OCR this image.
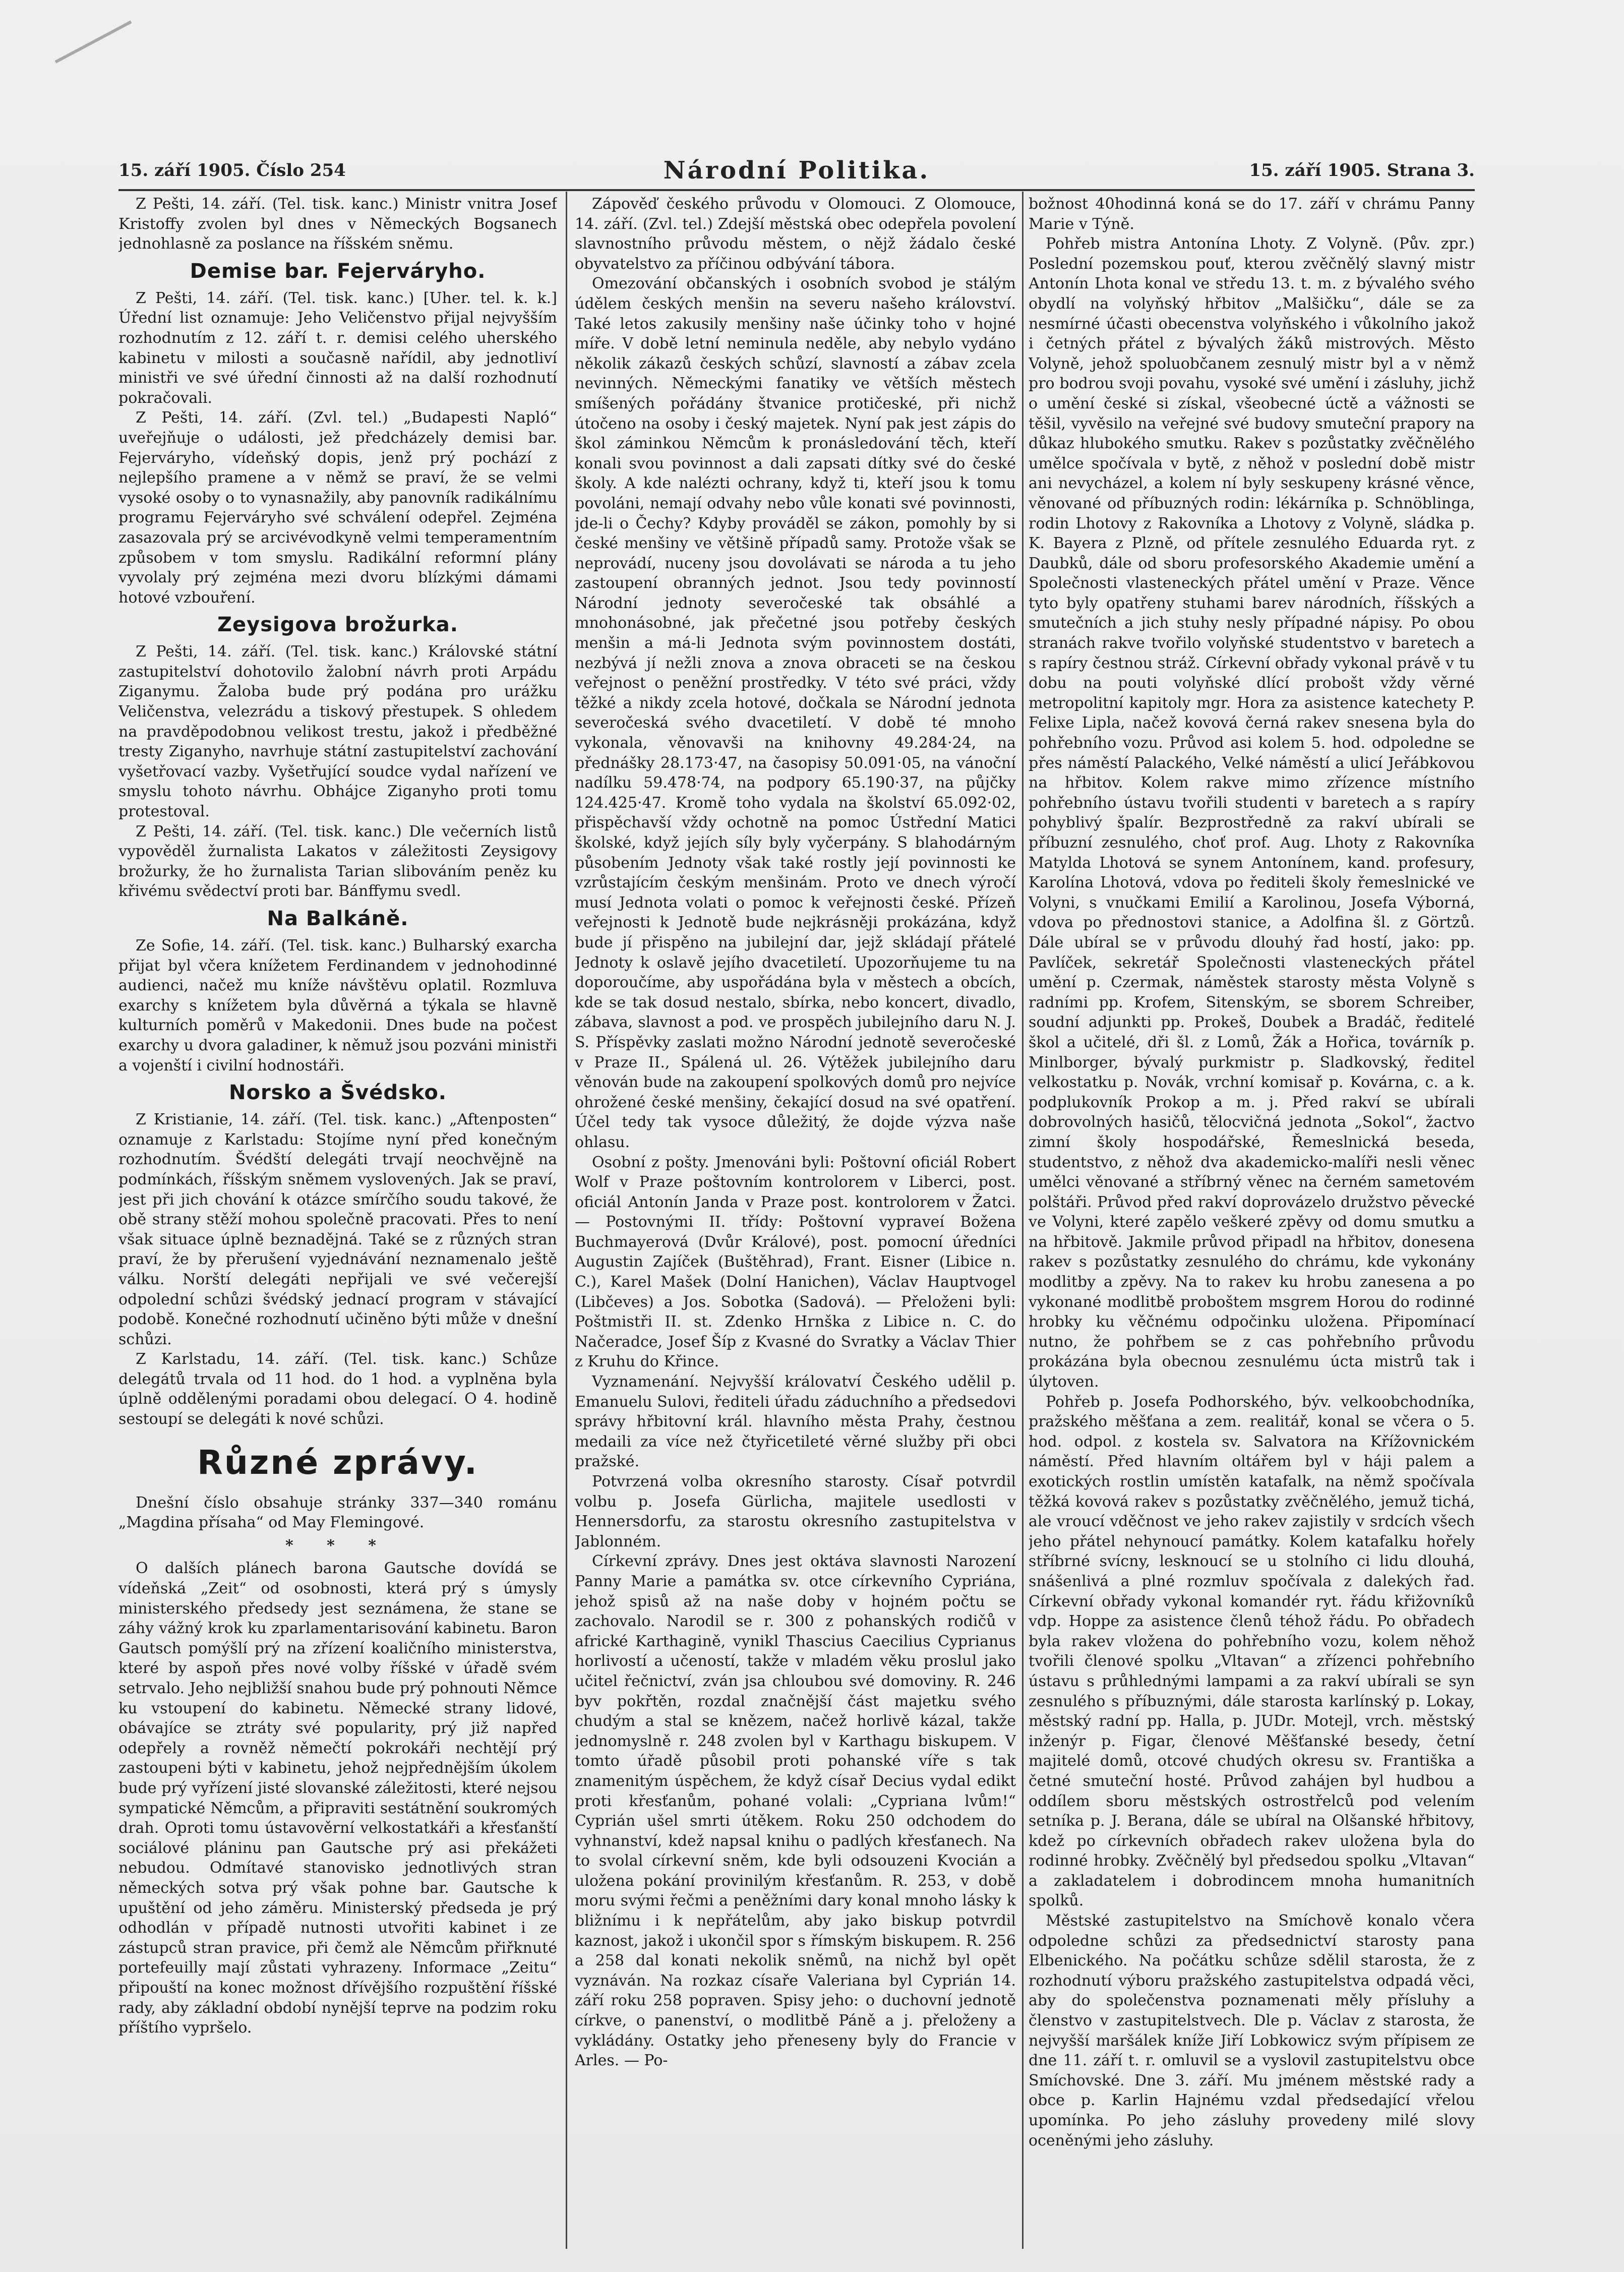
15. září 1905. Číslo 254	Národní Politika.	15. září 1905. Strana 3.

Z Pešti, 14. září. (Tel. tisk. kanc.) Ministr vnitra Josef Kristoffy zvolen byl dnes v Německých Bogsanech jednohlasně za poslance na říšském sněmu.

Demise bar. Fejerváryho.

Z Pešti, 14. září. (Tel. tisk. kanc.) [Uher. tel. k. k.] Úřední list oznamuje: Jeho Veličenstvo přijal nejvyšším rozhodnutím z 12. září t. r. demisi celého uherského kabinetu v milosti a současně nařídil, aby jednotliví ministři ve své úřední činnosti až na další rozhodnutí pokračovali.

Z Pešti, 14. září. (Zvl. tel.) „Budapesti Napló“ uveřejňuje o události, jež předcházely demisi bar. Fejerváryho, vídeňský dopis, jenž prý pochází z nejlepšího pramene a v němž se praví, že se velmi vysoké osoby o to vynasnažily, aby panovník radikálnímu programu Fejerváryho své schválení odepřel. Zejména zasazovala prý se arcivévodkyně velmi temperamentním způsobem v tom smyslu. Radikální reformní plány vyvolaly prý zejména mezi dvoru blízkými dámami hotové vzbouření.

Zeysigova brožurka.

Z Pešti, 14. září. (Tel. tisk. kanc.) Královské státní zastupitelství dohotovilo žalobní návrh proti Arpádu Ziganymu. Žaloba bude prý podána pro urážku Veličenstva, velezrádu a tiskový přestupek. S ohledem na pravděpodobnou velikost trestu, jakož i předběžné tresty Ziganyho, navrhuje státní zastupitelství zachování vyšetřovací vazby. Vyšetřující soudce vydal nařízení ve smyslu tohoto návrhu. Obhájce Ziganyho proti tomu protestoval.

Z Pešti, 14. září. (Tel. tisk. kanc.) Dle večerních listů vypověděl žurnalista Lakatos v záležitosti Zeysigovy brožurky, že ho žurnalista Tarian slibováním peněz ku křivému svědectví proti bar. Bánffymu svedl.

Na Balkáně.

Ze Sofie, 14. září. (Tel. tisk. kanc.) Bulharský exarcha přijat byl včera knížetem Ferdinandem v jednohodinné audienci, načež mu kníže návštěvu oplatil. Rozmluva exarchy s knížetem byla důvěrná a týkala se hlavně kulturních poměrů v Makedonii. Dnes bude na počest exarchy u dvora galadiner, k němuž jsou pozváni ministři a vojenští i civilní hodnostáři.

Norsko a Švédsko.

Z Kristianie, 14. září. (Tel. tisk. kanc.) „Aftenposten“ oznamuje z Karlstadu: Stojíme nyní před konečným rozhodnutím. Švédští delegáti trvají neochvějně na podmínkách, říšským sněmem vyslovených. Jak se praví, jest při jich chování k otázce smírčího soudu takové, že obě strany stěží mohou společně pracovati. Přes to není však situace úplně beznadějná. Také se z různých stran praví, že by přerušení vyjednávání neznamenalo ještě válku. Norští delegáti nepřijali ve své večerejší odpolední schůzi švédský jednací program v stávající podobě. Konečné rozhodnutí učiněno býti může v dnešní schůzi.

Z Karlstadu, 14. září. (Tel. tisk. kanc.) Schůze delegátů trvala od 11 hod. do 1 hod. a vyplněna byla úplně oddělenými poradami obou delegací. O 4. hodině sestoupí se delegáti k nové schůzi.

Různé zprávy.

Dnešní číslo obsahuje stránky 337—340 románu „Magdina přísaha“ od May Flemingové.

* * *

O dalších plánech barona Gautsche dovídá se vídeňská „Zeit“ od osobnosti, která prý s úmysly ministerského předsedy jest seznámena, že stane se záhy vážný krok ku zparlamentarisování kabinetu. Baron Gautsch pomýšlí prý na zřízení koaličního ministerstva, které by aspoň přes nové volby říšské v úřadě svém setrvalo. Jeho nejbližší snahou bude prý pohnouti Němce ku vstoupení do kabinetu. Německé strany lidové, obávajíce se ztráty své popularity, prý již napřed odepřely a rovněž němečtí pokrokáři nechtějí prý zastoupeni býti v kabinetu, jehož nejpřednějším úkolem bude prý vyřízení jisté slovanské záležitosti, které nejsou sympatické Němcům, a připraviti sestátnění soukromých drah. Oproti tomu ústavověrní velkostatkáři a křesťanští sociálové pláninu pan Gautsche prý asi překážeti nebudou. Odmítavé stanovisko jednotlivých stran německých sotva prý však pohne bar. Gautsche k upuštění od jeho záměru. Ministerský předseda je prý odhodlán v případě nutnosti utvořiti kabinet i ze zástupců stran pravice, při čemž ale Němcům přiřknuté portefeuilly mají zůstati vyhrazeny. Informace „Zeitu“ připouští na konec možnost dřívějšího rozpuštění říšské rady, aby základní období nynější teprve na podzim roku příštího vypršelo.

Zápověď českého průvodu v Olomouci. Z Olomouce, 14. září. (Zvl. tel.) Zdejší městská obec odepřela povolení slavnostního průvodu městem, o nějž žádalo české obyvatelstvo za příčinou odbývání tábora.

Omezování občanských i osobních svobod je stálým údělem českých menšin na severu našeho království. Také letos zakusily menšiny naše účinky toho v hojné míře. V době letní neminula neděle, aby nebylo vydáno několik zákazů českých schůzí, slavností a zábav zcela nevinných. Německými fanatiky ve větších městech smíšených pořádány štvanice protičeské, při nichž útočeno na osoby i český majetek. Nyní pak jest zápis do škol záminkou Němcům k pronásledování těch, kteří konali svou povinnost a dali zapsati dítky své do české školy. A kde nalézti ochrany, když ti, kteří jsou k tomu povoláni, nemají odvahy nebo vůle konati své povinnosti, jde-li o Čechy? Kdyby prováděl se zákon, pomohly by si české menšiny ve většině případů samy. Protože však se neprovádí, nuceny jsou dovolávati se národa a tu jeho zastoupení obranných jednot. Jsou tedy povinností Národní jednoty severočeské tak obsáhlé a mnohonásobné, jak přečetné jsou potřeby českých menšin a má-li Jednota svým povinnostem dostáti, nezbývá jí nežli znova a znova obraceti se na českou veřejnost o peněžní prostředky. V této své práci, vždy těžké a nikdy zcela hotové, dočkala se Národní jednota severočeská svého dvacetiletí. V době té mnoho vykonala, věnovavši na knihovny 49.284·24, na přednášky 28.173·47, na časopisy 50.091·05, na vánoční nadílku 59.478·74, na podpory 65.190·37, na půjčky 124.425·47. Kromě toho vydala na školství 65.092·02, přispěchavší vždy ochotně na pomoc Ústřední Matici školské, když jejích síly byly vyčerpány. S blahodárným působením Jednoty však také rostly její povinnosti ke vzrůstajícím českým menšinám. Proto ve dnech výročí musí Jednota volati o pomoc k veřejnosti české. Přízeň veřejnosti k Jednotě bude nejkrásněji prokázána, když bude jí přispěno na jubilejní dar, jejž skládají přátelé Jednoty k oslavě jejího dvacetiletí. Upozorňujeme tu na doporoučíme, aby uspořádána byla v městech a obcích, kde se tak dosud nestalo, sbírka, nebo koncert, divadlo, zábava, slavnost a pod. ve prospěch jubilejního daru N. J. S. Příspěvky zaslati možno Národní jednotě severočeské v Praze II., Spálená ul. 26. Výtěžek jubilejního daru věnován bude na zakoupení spolkových domů pro nejvíce ohrožené české menšiny, čekající dosud na své opatření. Účel tedy tak vysoce důležitý, že dojde výzva naše ohlasu.

Osobní z pošty. Jmenováni byli: Poštovní oficiál Robert Wolf v Praze poštovním kontrolorem v Liberci, post. oficiál Antonín Janda v Praze post. kontrolorem v Žatci. — Postovnými II. třídy: Poštovní vypraveí Božena Buchmayerová (Dvůr Králové), post. pomocní úředníci Augustin Zajíček (Buštěhrad), Frant. Eisner (Libice n. C.), Karel Mašek (Dolní Hanichen), Václav Hauptvogel (Libčeves) a Jos. Sobotka (Sadová). — Přeloženi byli: Poštmistři II. st. Zdenko Hrnška z Libice n. C. do Načeradce, Josef Šíp z Kvasné do Svratky a Václav Thier z Kruhu do Křince.

Vyznamenání. Nejvyšší královatví Českého udělil p. Emanuelu Sulovi, řediteli úřadu záduchního a předsedovi správy hřbitovní král. hlavního města Prahy, čestnou medaili za více než čtyřicetileté věrné služby při obci pražské.

Potvrzená volba okresního starosty. Císař potvrdil volbu p. Josefa Gürlicha, majitele usedlosti v Hennersdorfu, za starostu okresního zastupitelstva v Jablonném.

Církevní zprávy. Dnes jest oktáva slavnosti Narození Panny Marie a památka sv. otce církevního Cypriána, jehož spisů až na naše doby v hojném počtu se zachovalo. Narodil se r. 300 z pohanských rodičů v africké Karthagině, vynikl Thascius Caecilius Cyprianus horlivostí a učeností, takže v mladém věku proslul jako učitel řečnictví, zván jsa chloubou své domoviny. R. 246 byv pokřtěn, rozdal značnější část majetku svého chudým a stal se knězem, načež horlivě kázal, takže jednomyslně r. 248 zvolen byl v Karthagu biskupem. V tomto úřadě působil proti pohanské víře s tak znamenitým úspěchem, že když císař Decius vydal edikt proti křesťanům, pohané volali: „Cypriana lvům!“ Cyprián ušel smrti útěkem. Roku 250 odchodem do vyhnanství, kdež napsal knihu o padlých křesťanech. Na to svolal církevní sněm, kde byli odsouzeni Kvocián a uložena pokání provinilým křesťanům. R. 253, v době moru svými řečmi a peněžními dary konal mnoho lásky k bližnímu i k nepřátelům, aby jako biskup potvrdil kaznost, jakož i ukončil spor s římským biskupem. R. 256 a 258 dal konati nekolik sněmů, na nichž byl opět vyznáván. Na rozkaz císaře Valeriana byl Cyprián 14. září roku 258 popraven. Spisy jeho: o duchovní jednotě církve, o panenství, o modlitbě Páně a j. přeloženy a vykládány. Ostatky jeho přeneseny byly do Francie v Arles. — Po-

božnost 40hodinná koná se do 17. září v chrámu Panny Marie v Týně.

Pohřeb mistra Antonína Lhoty. Z Volyně. (Pův. zpr.) Poslední pozemskou pouť, kterou zvěčnělý slavný mistr Antonín Lhota konal ve středu 13. t. m. z bývalého svého obydlí na volyňský hřbitov „Malšičku“, dále se za nesmírné účasti obecenstva volyňského i vůkolního jakož i četných přátel z bývalých žáků mistrových. Město Volyně, jehož spoluobčanem zesnulý mistr byl a v němž pro bodrou svoji povahu, vysoké své umění i zásluhy, jichž o umění české si získal, všeobecné úctě a vážnosti se těšil, vyvěsilo na veřejné své budovy smuteční prapory na důkaz hlubokého smutku. Rakev s pozůstatky zvěčnělého umělce spočívala v bytě, z něhož v poslední době mistr ani nevycházel, a kolem ní byly seskupeny krásné věnce, věnované od příbuzných rodin: lékárníka p. Schnöblinga, rodin Lhotovy z Rakovníka a Lhotovy z Volyně, sládka p. K. Bayera z Plzně, od přítele zesnulého Eduarda ryt. z Daubků, dále od sboru profesorského Akademie umění a Společnosti vlasteneckých přátel umění v Praze. Věnce tyto byly opatřeny stuhami barev národních, říšských a smutečních a jich stuhy nesly případné nápisy. Po obou stranách rakve tvořilo volyňské studentstvo v baretech a s rapíry čestnou stráž. Církevní obřady vykonal právě v tu dobu na pouti volyňské dlící probošt vždy věrné metropolitní kapitoly mgr. Hora za asistence katechety P. Felixe Lipla, načež kovová černá rakev snesena byla do pohřebního vozu. Průvod asi kolem 5. hod. odpoledne se přes náměstí Palackého, Velké náměstí a ulicí Jeřábkovou na hřbitov. Kolem rakve mimo zřízence místního pohřebního ústavu tvořili studenti v baretech a s rapíry pohyblivý špalír. Bezprostředně za rakví ubírali se příbuzní zesnulého, choť prof. Aug. Lhoty z Rakovníka Matylda Lhotová se synem Antonínem, kand. profesury, Karolína Lhotová, vdova po řediteli školy řemeslnické ve Volyni, s vnučkami Emilií a Karolinou, Josefa Výborná, vdova po přednostovi stanice, a Adolfina šl. z Görtzů. Dále ubíral se v průvodu dlouhý řad hostí, jako: pp. Pavlíček, sekretář Společnosti vlasteneckých přátel umění p. Czermak, náměstek starosty města Volyně s radními pp. Krofem, Sitenským, se sborem Schreiber, soudní adjunkti pp. Prokeš, Doubek a Bradáč, ředitelé škol a učitelé, dři šl. z Lomů, Žák a Hořica, továrník p. Minlborger, bývalý purkmistr p. Sladkovský, ředitel velkostatku p. Novák, vrchní komisař p. Kovárna, c. a k. podplukovník Prokop a m. j. Před rakví se ubírali dobrovolných hasičů, tělocvičná jednota „Sokol“, žactvo zimní školy hospodářské, Řemeslnická beseda, studentstvo, z něhož dva akademicko-malíři nesli věnec umělci věnované a stříbrný věnec na černém sametovém polštáři. Průvod před rakví doprovázelo družstvo pěvecké ve Volyni, které zapělo veškeré zpěvy od domu smutku a na hřbitově. Jakmile průvod připadl na hřbitov, donesena rakev s pozůstatky zesnulého do chrámu, kde vykonány modlitby a zpěvy. Na to rakev ku hrobu zanesena a po vykonané modlitbě proboštem msgrem Horou do rodinné hrobky ku věčnému odpočinku uložena. Připomínací nutno, že pohřbem se z cas pohřebního průvodu prokázána byla obecnou zesnulému úcta mistrů tak i úlytoven.

Pohřeb p. Josefa Podhorského, býv. velkoobchodníka, pražského měšťana a zem. realitář, konal se včera o 5. hod. odpol. z kostela sv. Salvatora na Křížovnickém náměstí. Před hlavním oltářem byl v háji palem a exotických rostlin umístěn katafalk, na němž spočívala těžká kovová rakev s pozůstatky zvěčnělého, jemuž tichá, ale vroucí vděčnost ve jeho rakev zajistily v srdcích všech jeho přátel nehynoucí památky. Kolem katafalku hořely stříbrné svícny, lesknoucí se u stolního ci lidu dlouhá, snášenlivá a plné rozmluv spočívala z dalekých řad. Církevní obřady vykonal komandér ryt. řádu křižovníků vdp. Hoppe za asistence členů téhož řádu. Po obřadech byla rakev vložena do pohřebního vozu, kolem něhož tvořili členové spolku „Vltavan“ a zřízenci pohřebního ústavu s průhlednými lampami a za rakví ubírali se syn zesnulého s příbuznými, dále starosta karlínský p. Lokay, městský radní pp. Halla, p. JUDr. Motejl, vrch. městský inženýr p. Figar, členové Měšťanské besedy, četní majitelé domů, otcové chudých okresu sv. Františka a četné smuteční hosté. Průvod zahájen byl hudbou a oddílem sboru městských ostrostřelců pod velením setníka p. J. Berana, dále se ubíral na Olšanské hřbitovy, kdež po církevních obřadech rakev uložena byla do rodinné hrobky. Zvěčnělý byl předsedou spolku „Vltavan“ a zakladatelem i dobrodincem mnoha humanitních spolků.

Městské zastupitelstvo na Smíchově konalo včera odpoledne schůzi za předsednictví starosty pana Elbenického. Na počátku schůze sdělil starosta, že z rozhodnutí výboru pražského zastupitelstva odpadá věci, aby do společenstva poznamenati měly přísluhy a členstvo v zastupitelstvech. Dle p. Václav z starosta, že nejvyšší maršálek kníže Jiří Lobkowicz svým přípisem ze dne 11. září t. r. omluvil se a vyslovil zastupitelstvu obce Smíchovské. Dne 3. září. Mu jménem městské rady a obce p. Karlin Hajnému vzdal předsedající vřelou upomínka. Po jeho zásluhy provedeny milé slovy oceněnými jeho zásluhy.
